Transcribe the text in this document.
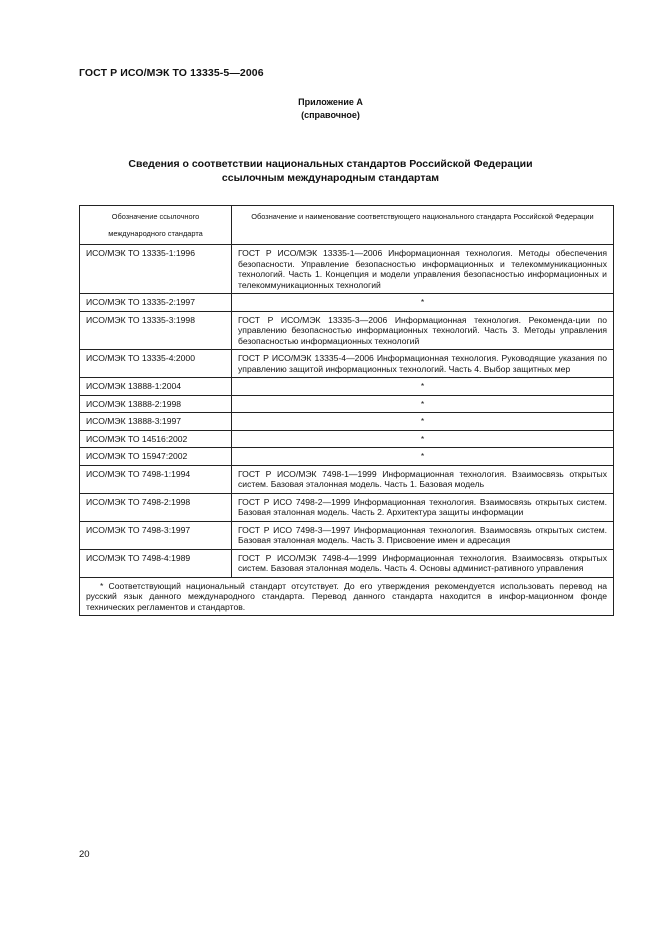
ГОСТ Р ИСО/МЭК ТО 13335-5—2006
Приложение А
(справочное)
Сведения о соответствии национальных стандартов Российской Федерации
ссылочным международным стандартам
Обозначение ссылочного международного стандарта	Обозначение и наименование соответствующего национального стандарта Российской Федерации
ИСО/МЭК ТО 13335-1:1996	ГОСТ Р ИСО/МЭК 13335-1—2006 Информационная технология. Методы обеспечения безопасности. Управление безопасностью информационных и телекоммуникационных технологий. Часть 1. Концепция и модели управления безопасностью информационных и телекоммуникационных технологий
ИСО/МЭК ТО 13335-2:1997	*
ИСО/МЭК ТО 13335-3:1998	ГОСТ Р ИСО/МЭК 13335-3—2006 Информационная технология. Рекоменда-ции по управлению безопасностью информационных технологий. Часть 3. Методы управления безопасностью информационных технологий
ИСО/МЭК ТО 13335-4:2000	ГОСТ Р ИСО/МЭК 13335-4—2006 Информационная технология. Руководящие указания по управлению защитой информационных технологий. Часть 4. Выбор защитных мер
ИСО/МЭК 13888-1:2004	*
ИСО/МЭК 13888-2:1998	*
ИСО/МЭК 13888-3:1997	*
ИСО/МЭК ТО 14516:2002	*
ИСО/МЭК ТО 15947:2002	*
ИСО/МЭК ТО 7498-1:1994	ГОСТ Р ИСО/МЭК 7498-1—1999 Информационная технология. Взаимосвязь открытых систем. Базовая эталонная модель. Часть 1. Базовая модель
ИСО/МЭК ТО 7498-2:1998	ГОСТ Р ИСО 7498-2—1999 Информационная технология. Взаимосвязь открытых систем. Базовая эталонная модель. Часть 2. Архитектура защиты информации
ИСО/МЭК ТО 7498-3:1997	ГОСТ Р ИСО 7498-3—1997 Информационная технология. Взаимосвязь открытых систем. Базовая эталонная модель. Часть 3. Присвоение имен и адресация
ИСО/МЭК ТО 7498-4:1989	ГОСТ Р ИСО/МЭК 7498-4—1999 Информационная технология. Взаимосвязь открытых систем. Базовая эталонная модель. Часть 4. Основы админист-ративного управления
* Соответствующий национальный стандарт отсутствует. До его утверждения рекомендуется использовать перевод на русский язык данного международного стандарта. Перевод данного стандарта находится в инфор-мационном фонде технических регламентов и стандартов.	
20
